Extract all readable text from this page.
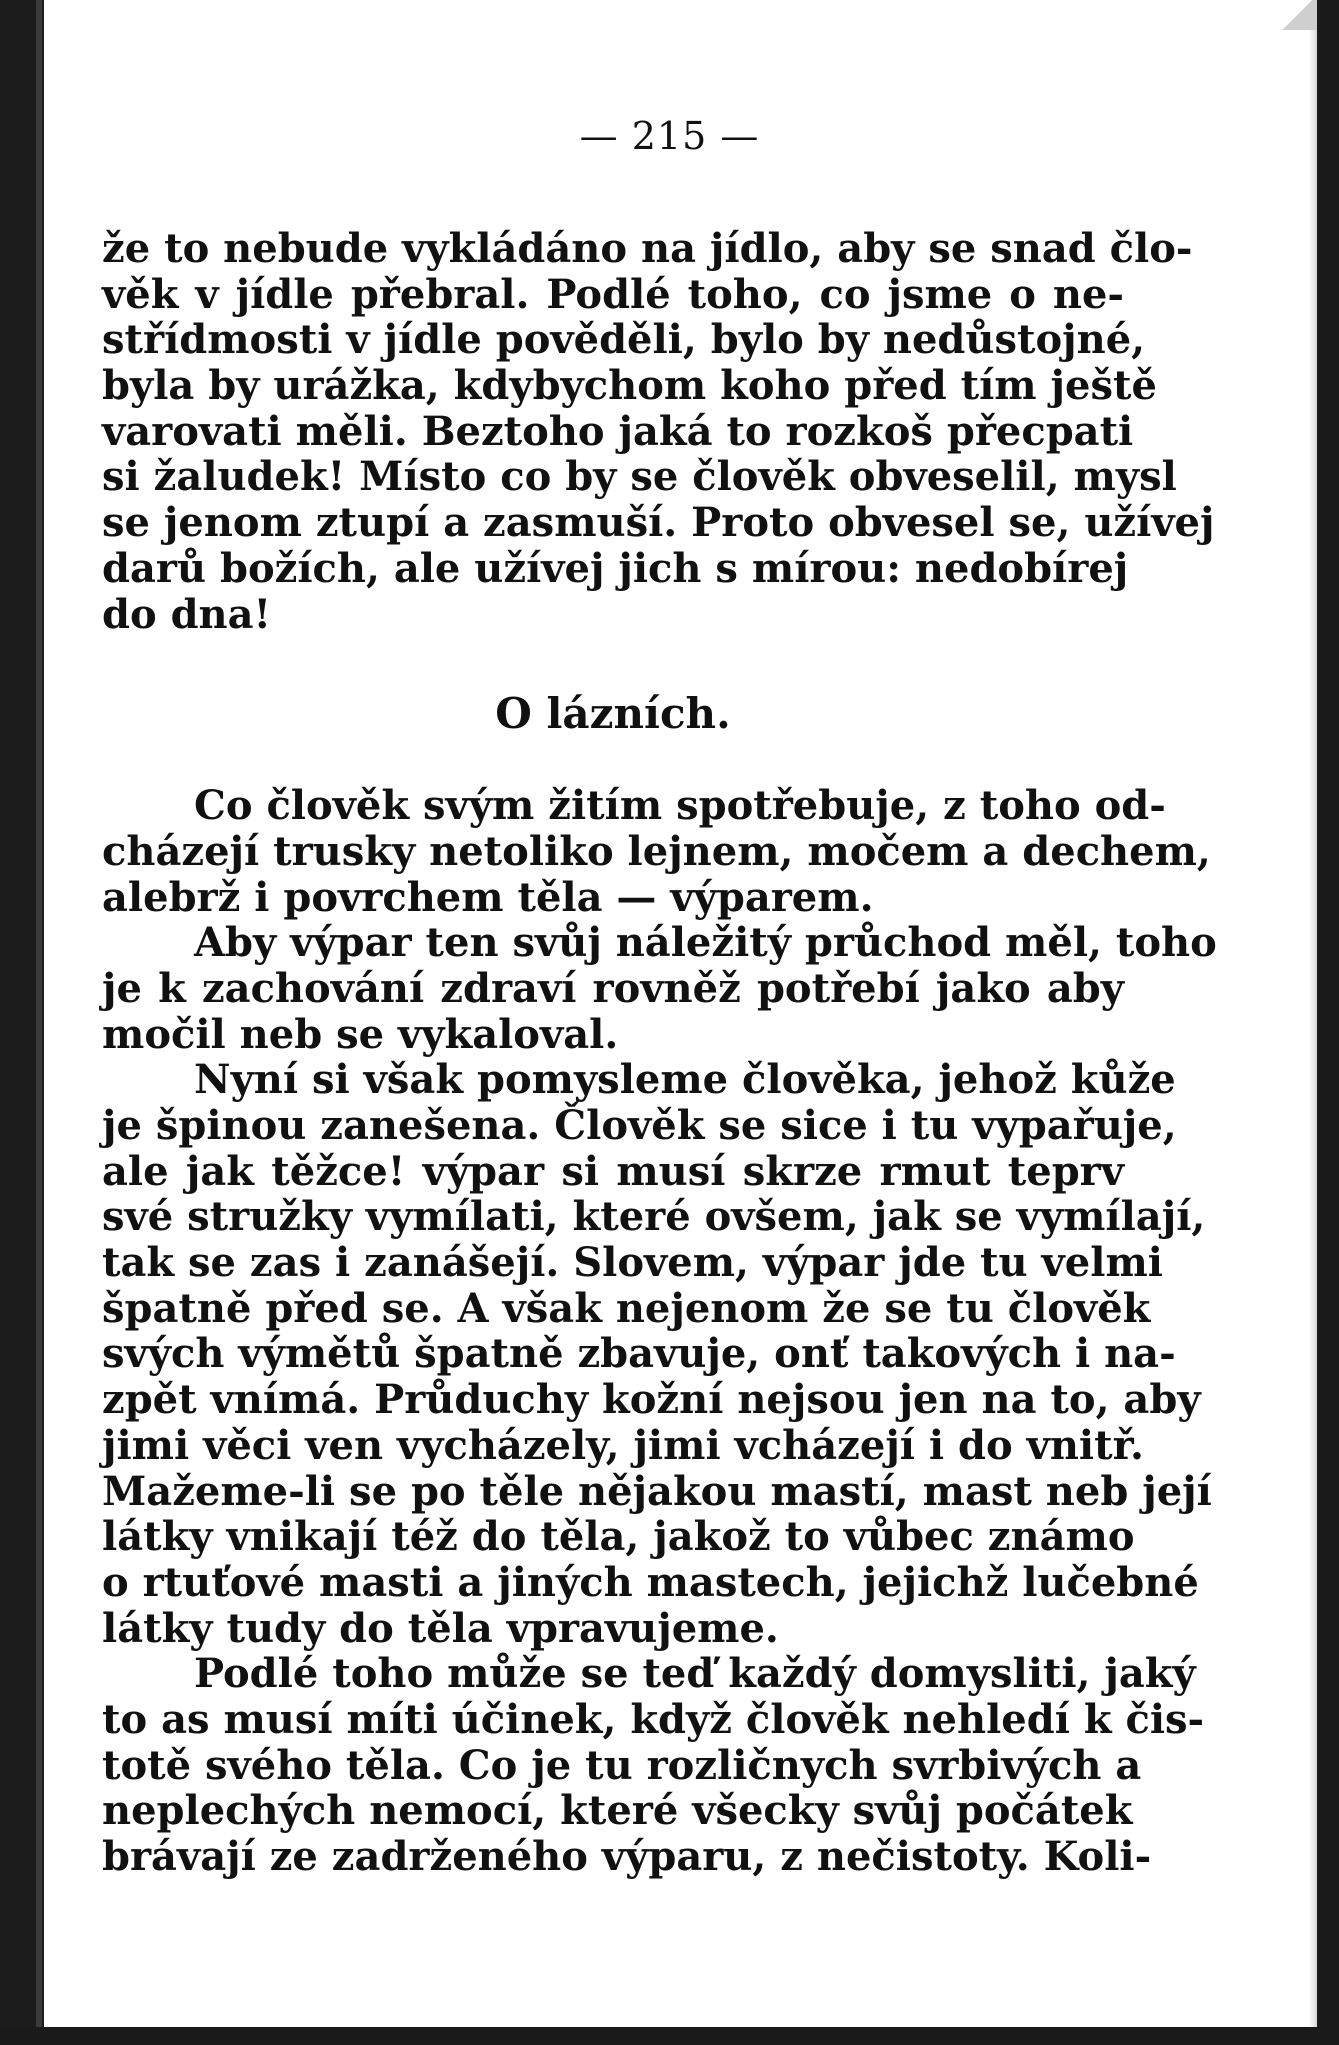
— 215 —
že to nebude vykládáno na jídlo, aby se snad člo-
věk v jídle přebral. Podlé toho, co jsme o ne-
střídmosti v jídle pověděli, bylo by nedůstojné,
byla by urážka, kdybychom koho před tím ještě
varovati měli. Beztoho jaká to rozkoš přecpati
si žaludek! Místo co by se člověk obveselil, mysl
se jenom ztupí a zasmuší. Proto obvesel se, užívej
darů božích, ale užívej jich s mírou: nedobírej
do dna!
O lázních.
Co člověk svým žitím spotřebuje, z toho od-
cházejí trusky netoliko lejnem, močem a dechem,
alebrž i povrchem těla — výparem.
Aby výpar ten svůj náležitý průchod měl, toho
je k zachování zdraví rovněž potřebí jako aby
močil neb se vykaloval.
Nyní si však pomysleme člověka, jehož kůže
je špinou zanešena. Člověk se sice i tu vypařuje,
ale jak těžce! výpar si musí skrze rmut teprv
své stružky vymílati, které ovšem, jak se vymílají,
tak se zas i zanášejí. Slovem, výpar jde tu velmi
špatně před se. A však nejenom že se tu člověk
svých výmětů špatně zbavuje, onť takových i na-
zpět vnímá. Průduchy kožní nejsou jen na to, aby
jimi věci ven vycházely, jimi vcházejí i do vnitř.
Mažeme-li se po těle nějakou mastí, mast neb její
látky vnikají též do těla, jakož to vůbec známo
o rtuťové masti a jiných mastech, jejichž lučebné
látky tudy do těla vpravujeme.
Podlé toho může se teď každý domysliti, jaký
to as musí míti účinek, když člověk nehledí k čis-
totě svého těla. Co je tu rozličnych svrbivých a
neplechých nemocí, které všecky svůj počátek
brávají ze zadrženého výparu, z nečistoty. Koli-
